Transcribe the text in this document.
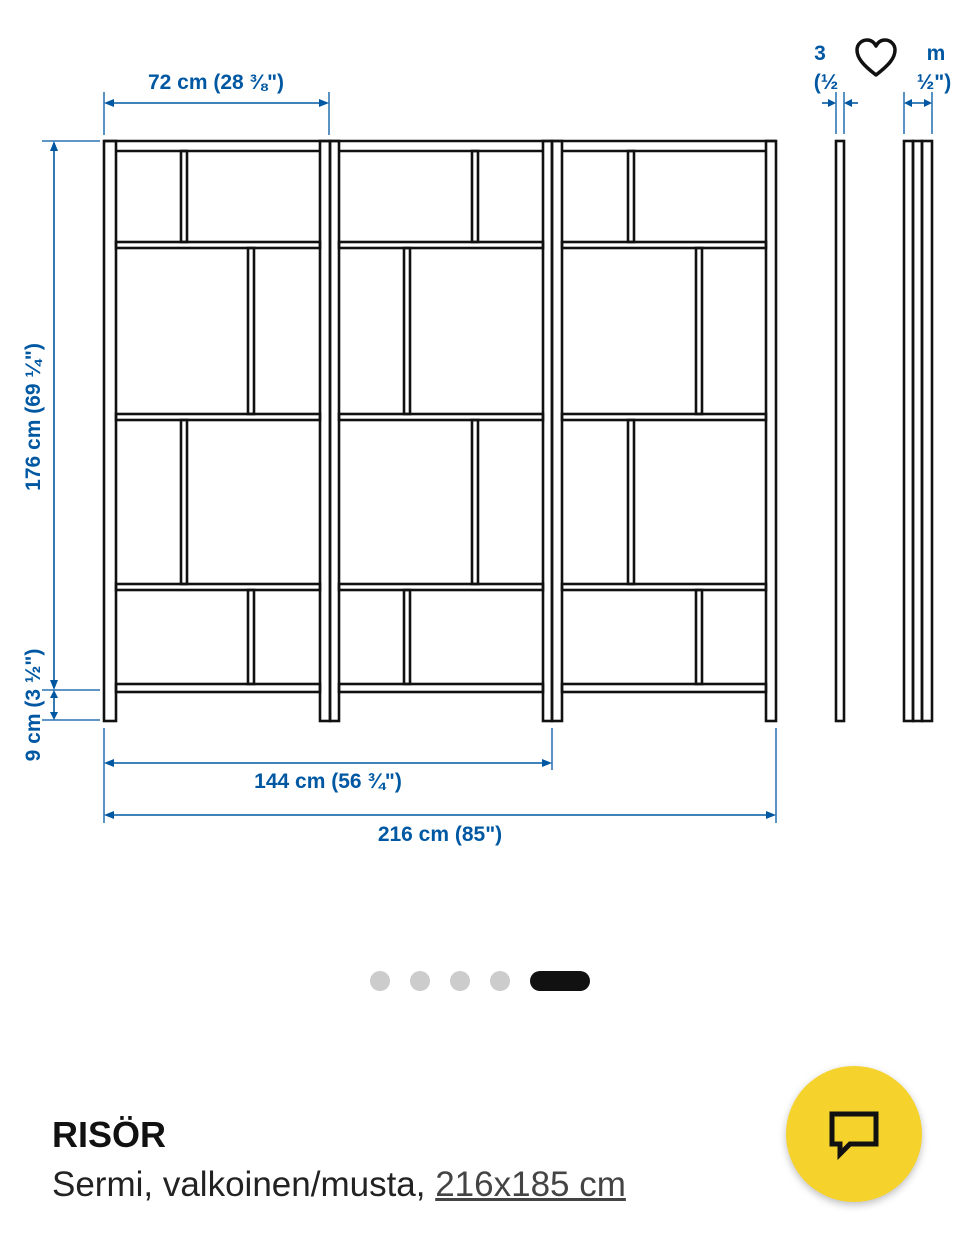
72 cm (28 ⅜")
176 cm (69 ¼")
9 cm (3 ½")
3
(½
m
½")
144 cm (56 ¾")
216 cm (85")
RISÖR
Sermi, valkoinen/musta, 216x185 cm
